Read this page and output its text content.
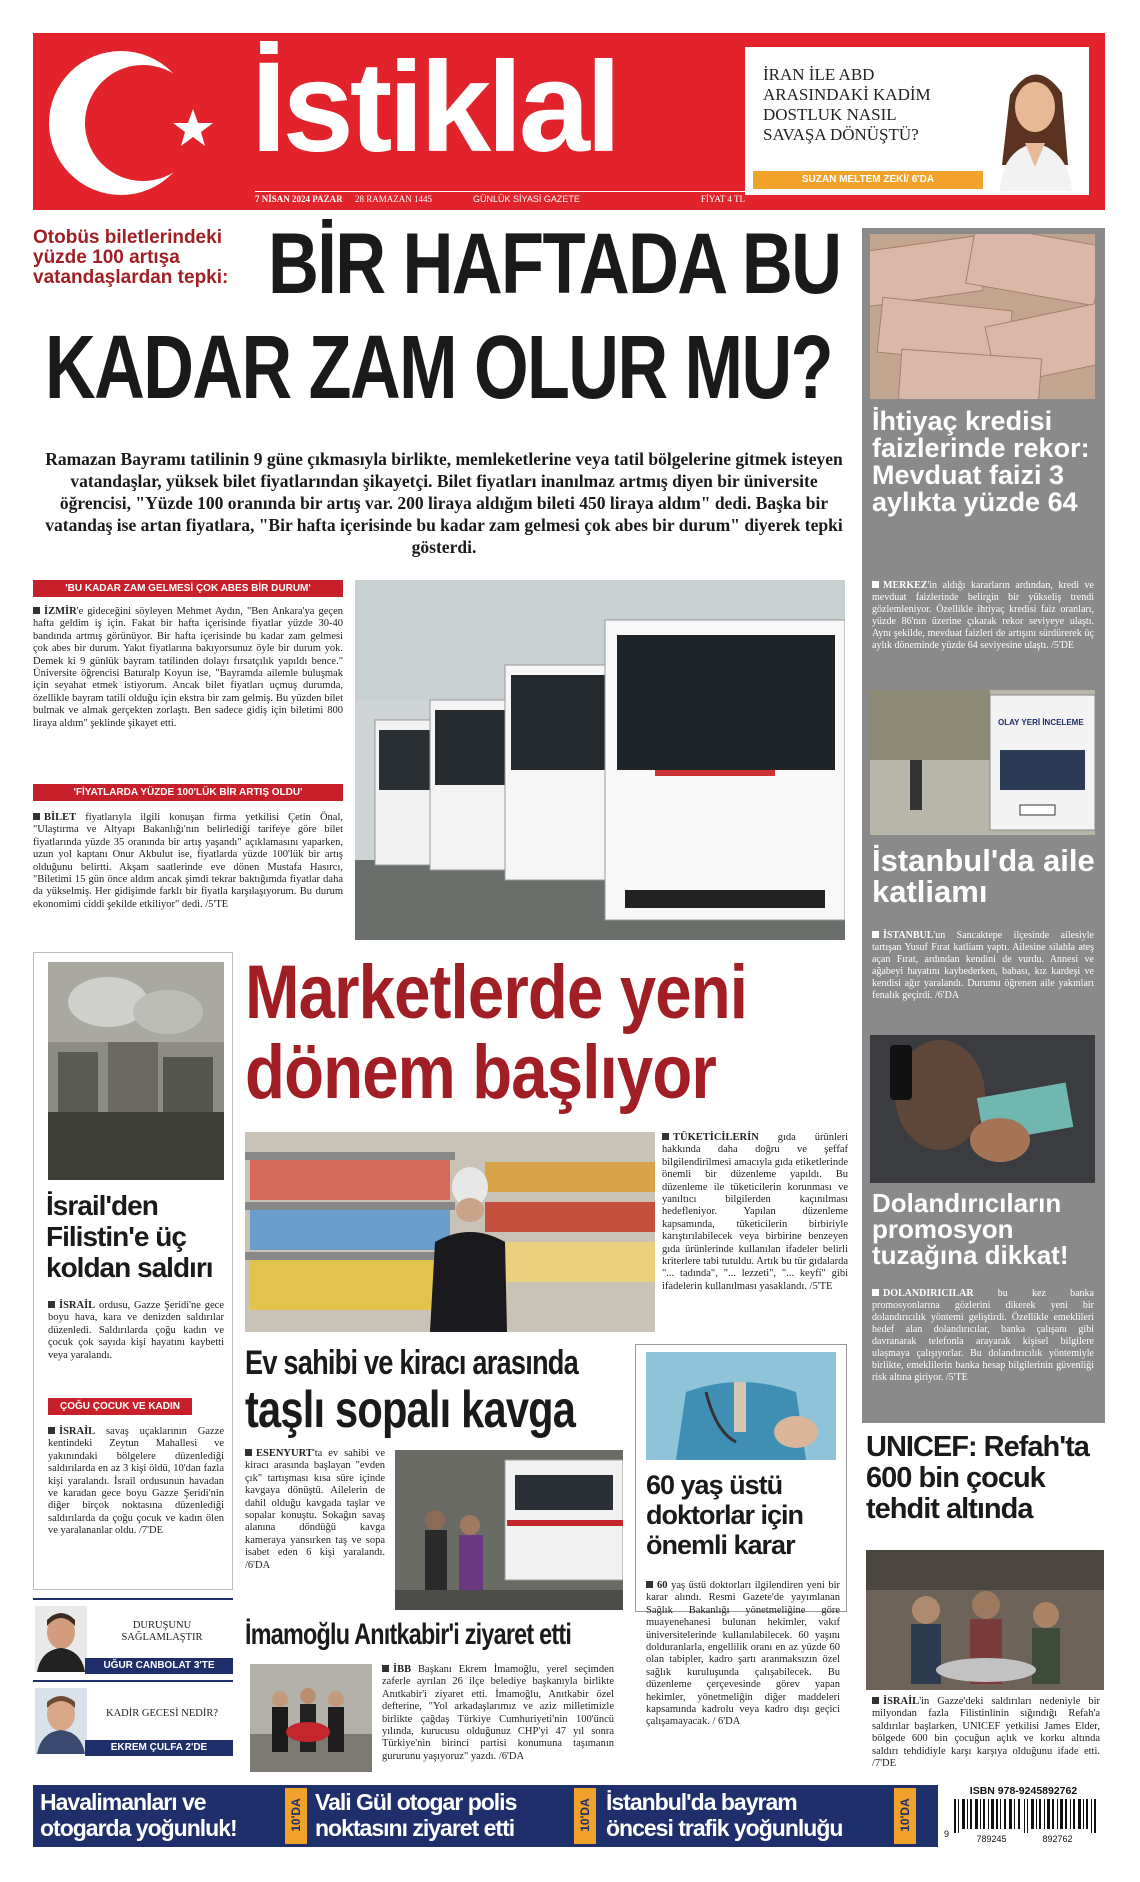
İstiklal
7 NİSAN 2024 PAZAR 28 RAMAZAN 1445	GÜNLÜK SİYASİ GAZETE	FİYAT 4 TL
İRAN İLE ABD
ARASINDAKİ KADİM
DOSTLUK NASIL
SAVAŞA DÖNÜŞTÜ?
SUZAN MELTEM ZEKİ/ 6'DA
Otobüs biletlerindeki yüzde 100 artışa vatandaşlardan tepki: BİR HAFTADA BU
KADAR ZAM OLUR MU?
Ramazan Bayramı tatilinin 9 güne çıkmasıyla birlikte, memleketlerine veya tatil bölgelerine gitmek isteyen vatandaşlar, yüksek bilet fiyatlarından şikayetçi. Bilet fiyatları inanılmaz artmış diyen bir üniversite öğrencisi, "Yüzde 100 oranında bir artış var. 200 liraya aldığım bileti 450 liraya aldım" dedi. Başka bir vatandaş ise artan fiyatlara, "Bir hafta içerisinde bu kadar zam gelmesi çok abes bir durum" diyerek tepki gösterdi.
'BU KADAR ZAM GELMESİ ÇOK ABES BİR DURUM'
İZMİR'e gideceğini söyleyen Mehmet Aydın, "Ben Ankara'ya geçen hafta geldim iş için. Fakat bir hafta içerisinde fiyatlar yüzde 30-40 bandında artmış görünüyor. Bir hafta içerisinde bu kadar zam gelmesi çok abes bir durum. Yakıt fiyatlarına bakıyorsunuz öyle bir durum yok. Demek ki 9 günlük bayram tatilinden dolayı fırsatçılık yapıldı bence." Üniversite öğrencisi Baturalp Koyun ise, "Bayramda ailemle buluşmak için seyahat etmek istiyorum. Ancak bilet fiyatları uçmuş durumda, özellikle bayram tatili olduğu için ekstra bir zam gelmiş. Bu yüzden bilet bulmak ve almak gerçekten zorlaştı. Ben sadece gidiş için biletimi 800 liraya aldım" şeklinde şikayet etti.
'FİYATLARDA YÜZDE 100'LÜK BİR ARTIŞ OLDU'
BİLET fiyatlarıyla ilgili konuşan firma yetkilisi Çetin Önal, "Ulaştırma ve Altyapı Bakanlığı'nın belirlediği tarifeye göre bilet fiyatlarında yüzde 35 oranında bir artış yaşandı" açıklamasını yaparken, uzun yol kaptanı Onur Akbulut ise, fiyatlarda yüzde 100'lük bir artış olduğunu belirtti. Akşam saatlerinde eve dönen Mustafa Hasırcı, "Biletimi 15 gün önce aldım ancak şimdi tekrar baktığımda fiyatlar daha da yükselmiş. Her gidişimde farklı bir fiyatla karşılaşıyorum. Bu durum ekonomimi ciddi şekilde etkiliyor" dedi. /5'TE
İhtiyaç kredisi faizlerinde rekor: Mevduat faizi 3 aylıkta yüzde 64
MERKEZ'in aldığı kararların ardından, kredi ve mevduat faizlerinde belirgin bir yükseliş trendi gözlemleniyor. Özellikle ihtiyaç kredisi faiz oranları, yüzde 86'nın üzerine çıkarak rekor seviyeye ulaştı. Aynı şekilde, mevduat faizleri de artışını sürdürerek üç aylık döneminde yüzde 64 seviyesine ulaştı. /5'DE
OLAY YERİ İNCELEME
İstanbul'da aile katliamı
İSTANBUL'un Sancaktepe ilçesinde ailesiyle tartışan Yusuf Fırat katliam yaptı. Ailesine silahla ateş açan Fırat, ardından kendini de vurdu. Annesi ve ağabeyi hayatını kaybederken, babası, kız kardeşi ve kendisi ağır yaralandı. Durumu öğrenen aile yakınları fenalık geçirdi. /6'DA
Dolandırıcıların promosyon tuzağına dikkat!
DOLANDIRICILAR bu kez banka promosyonlarına gözlerini dikerek yeni bir dolandırıcılık yöntemi geliştirdi. Özellikle emeklileri hedef alan dolandırıcılar, banka çalışanı gibi davranarak telefonla arayarak kişisel bilgilere ulaşmaya çalışıyorlar. Bu dolandırıcılık yöntemiyle birlikte, emeklilerin banka hesap bilgilerinin güvenliği risk altına giriyor. /5'TE
UNICEF: Refah'ta 600 bin çocuk tehdit altında
İSRAİL'in Gazze'deki saldırıları nedeniyle bir milyondan fazla Filistinlinin sığındığı Refah'a saldırılar başlarken, UNICEF yetkilisi James Elder, bölgede 600 bin çocuğun açlık ve korku altında saldırı tehdidiyle karşı karşıya olduğunu ifade etti. /7'DE
İsrail'den Filistin'e üç koldan saldırı
İSRAİL ordusu, Gazze Şeridi'ne gece boyu hava, kara ve denizden saldırılar düzenledi. Saldırılarda çoğu kadın ve çocuk çok sayıda kişi hayatını kaybetti veya yaralandı.
ÇOĞU ÇOCUK VE KADIN
İSRAİL savaş uçaklarının Gazze kentindeki Zeytun Mahallesi ve yakınındaki bölgelere düzenlediği saldırılarda en az 3 kişi öldü, 10'dan fazla kişi yaralandı. İsrail ordusunun havadan ve karadan gece boyu Gazze Şeridi'nin diğer birçok noktasına düzenlediği saldırılarda da çoğu çocuk ve kadın ölen ve yaralananlar oldu. /7'DE
DURUŞUNU SAĞLAMLAŞTIR
UĞUR CANBOLAT 3'TE
KADİR GECESİ NEDİR?
EKREM ÇULFA 2'DE
Marketlerde yeni
dönem başlıyor
TÜKETİCİLERİN gıda ürünleri hakkında daha doğru ve şeffaf bilgilendirilmesi amacıyla gıda etiketlerinde önemli bir düzenleme yapıldı. Bu düzenleme ile tüketicilerin korunması ve yanıltıcı bilgilerden kaçınılması hedefleniyor. Yapılan düzenleme kapsamında, tüketicilerin birbiriyle karıştırılabilecek veya birbirine benzeyen gıda ürünlerinde kullanılan ifadeler belirli kriterlere tabi tutuldu. Artık bu tür gıdalarda "... tadında", "... lezzeti", "... keyfi" gibi ifadelerin kullanılması yasaklandı. /5'TE
Ev sahibi ve kiracı arasında
taşlı sopalı kavga
ESENYURT'ta ev sahibi ve kiracı arasında başlayan "evden çık" tartışması kısa süre içinde kavgaya dönüştü. Ailelerin de dahil olduğu kavgada taşlar ve sopalar konuştu. Sokağın savaş alanına döndüğü kavga kameraya yansırken taş ve sopa isabet eden 6 kişi yaralandı. /6'DA
60 yaş üstü doktorlar için önemli karar
60 yaş üstü doktorları ilgilendiren yeni bir karar alındı. Resmi Gazete'de yayımlanan Sağlık Bakanlığı yönetmeliğine göre muayenehanesi bulunan hekimler, vakıf üniversitelerinde kullanılabilecek. 60 yaşını dolduranlarla, engellilik oranı en az yüzde 60 olan tabipler, kadro şartı aranmaksızın özel sağlık kuruluşunda çalışabilecek. Bu düzenleme çerçevesinde görev yapan hekimler, yönetmeliğin diğer maddeleri kapsamında kadrolu veya kadro dışı geçici çalışamayacak. / 6'DA
İmamoğlu Anıtkabir'i ziyaret etti
İBB Başkanı Ekrem İmamoğlu, yerel seçimden zaferle ayrılan 26 ilçe belediye başkanıyla birlikte Anıtkabir'i ziyaret etti. İmamoğlu, Anıtkabir özel defterine, "Yol arkadaşlarımız ve aziz milletimizle birlikte çağdaş Türkiye Cumhuriyeti'nin 100'üncü yılında, kurucusu olduğunuz CHP'yi 47 yıl sonra Türkiye'nin birinci partisi konumuna taşımanın gururunu yaşıyoruz" yazdı. /6'DA
Havalimanları ve
otogarda yoğunluk!	10'DA Vali Gül otogar polis
noktasını ziyaret etti	10'DA İstanbul'da bayram
öncesi trafik yoğunluğu	10'DA
ISBN 978-9245892762
9	789245	892762
